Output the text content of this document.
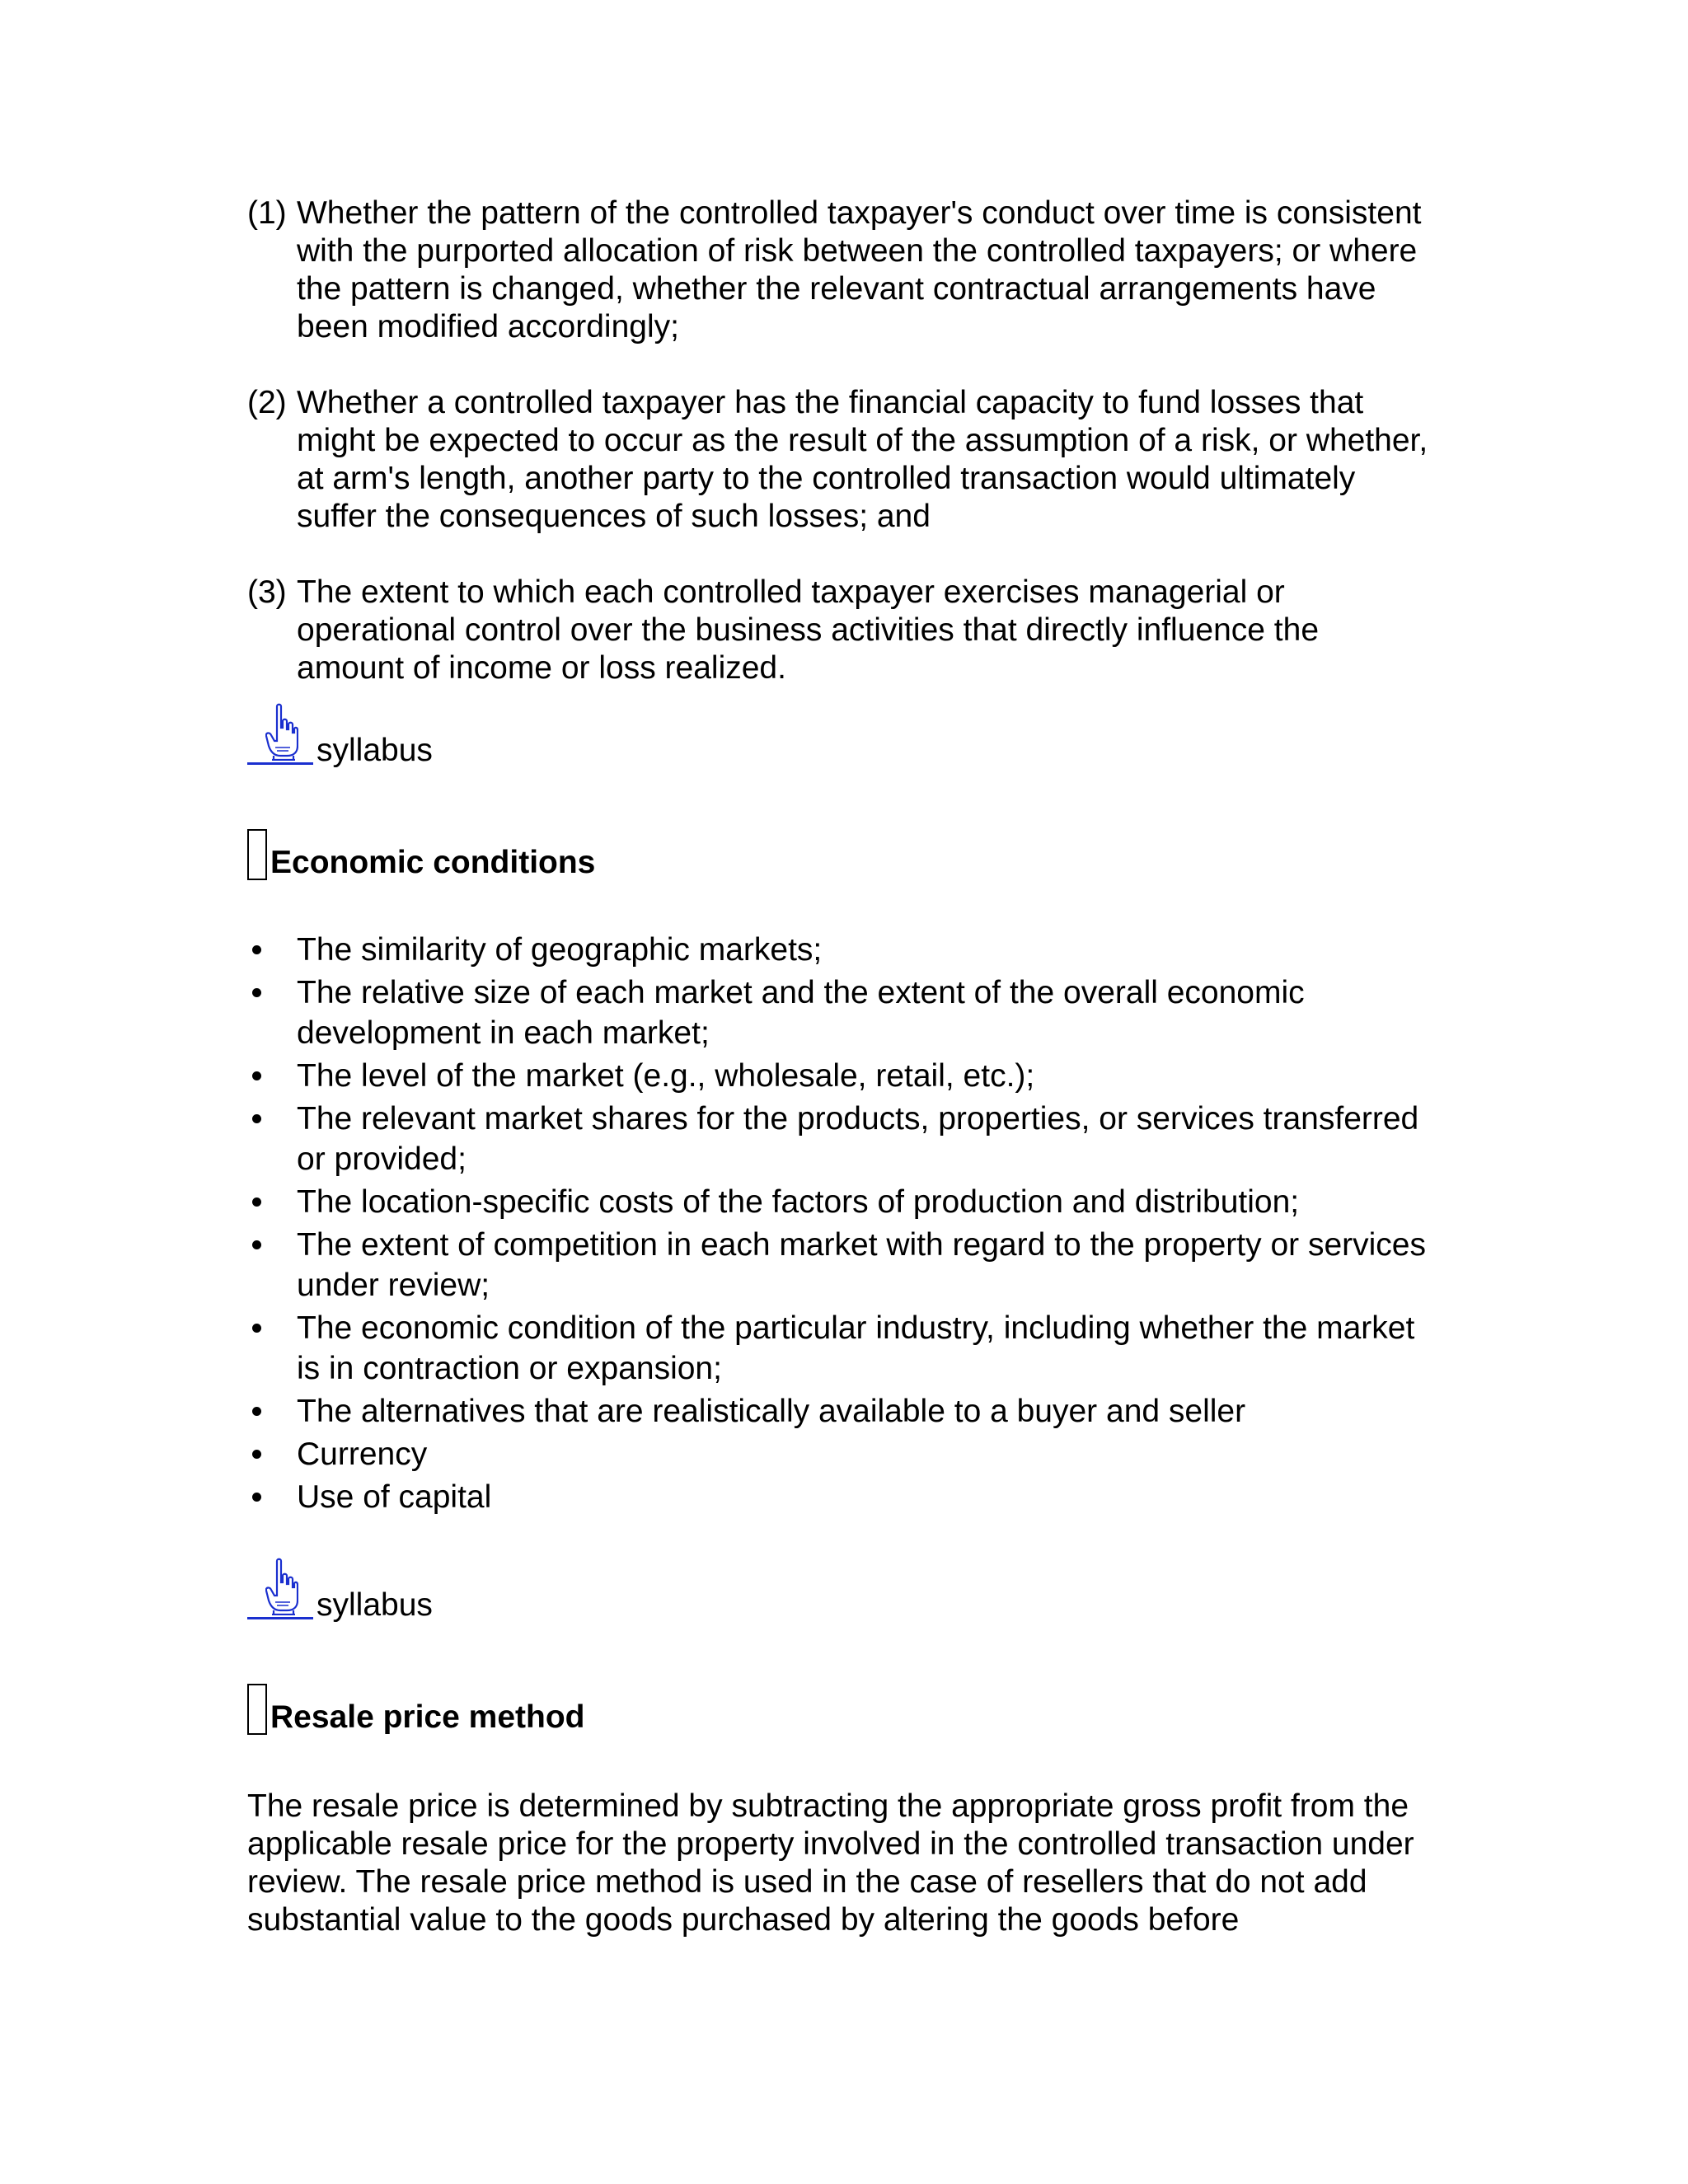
(1) Whether the pattern of the controlled taxpayer's conduct over time is consistent with the purported allocation of risk between the controlled taxpayers; or where the pattern is changed, whether the relevant contractual arrangements have been modified accordingly;
(2) Whether a controlled taxpayer has the financial capacity to fund losses that might be expected to occur as the result of the assumption of a risk, or whether, at arm's length, another party to the controlled transaction would ultimately suffer the consequences of such losses; and
(3) The extent to which each controlled taxpayer exercises managerial or operational control over the business activities that directly influence the amount of income or loss realized.
syllabus
Economic conditions
The similarity of geographic markets;
The relative size of each market and the extent of the overall economic development in each market;
The level of the market (e.g., wholesale, retail, etc.);
The relevant market shares for the products, properties, or services transferred or provided;
The location-specific costs of the factors of production and distribution;
The extent of competition in each market with regard to the property or services under review;
The economic condition of the particular industry, including whether the market is in contraction or expansion;
The alternatives that are realistically available to a buyer and seller
Currency
Use of capital
syllabus
Resale price method

The resale price is determined by subtracting the appropriate gross profit from the applicable resale price for the property involved in the controlled transaction under review. The resale price method is used in the case of resellers that do not add substantial value to the goods purchased by altering the goods before
